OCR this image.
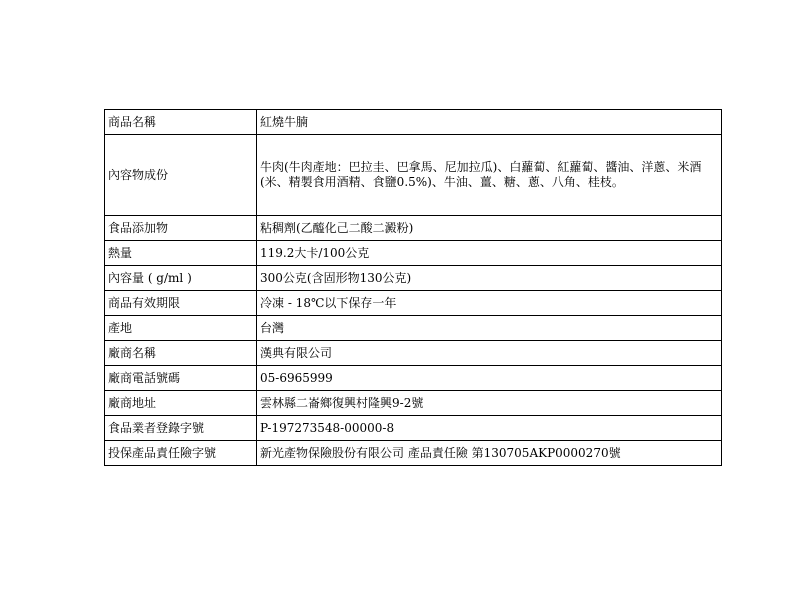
商品名稱	紅燒牛腩
內容物成份	牛肉(牛肉產地：巴拉圭、巴拿馬、尼加拉瓜)、白蘿蔔、紅蘿蔔、醬油、洋蔥、米酒(米、精製食用酒精、食鹽0.5%)、牛油、薑、糖、蔥、八角、桂枝。
食品添加物	粘稠劑(乙醯化己二酸二澱粉)
熱量	119.2大卡/100公克
內容量 ( g/ml )	300公克(含固形物130公克)
商品有效期限	冷凍 - 18℃以下保存一年
產地	台灣
廠商名稱	漢典有限公司
廠商電話號碼	05-6965999
廠商地址	雲林縣二崙鄉復興村隆興9-2號
食品業者登錄字號	P-197273548-00000-8
投保產品責任險字號	新光產物保險股份有限公司 產品責任險 第130705AKP0000270號
